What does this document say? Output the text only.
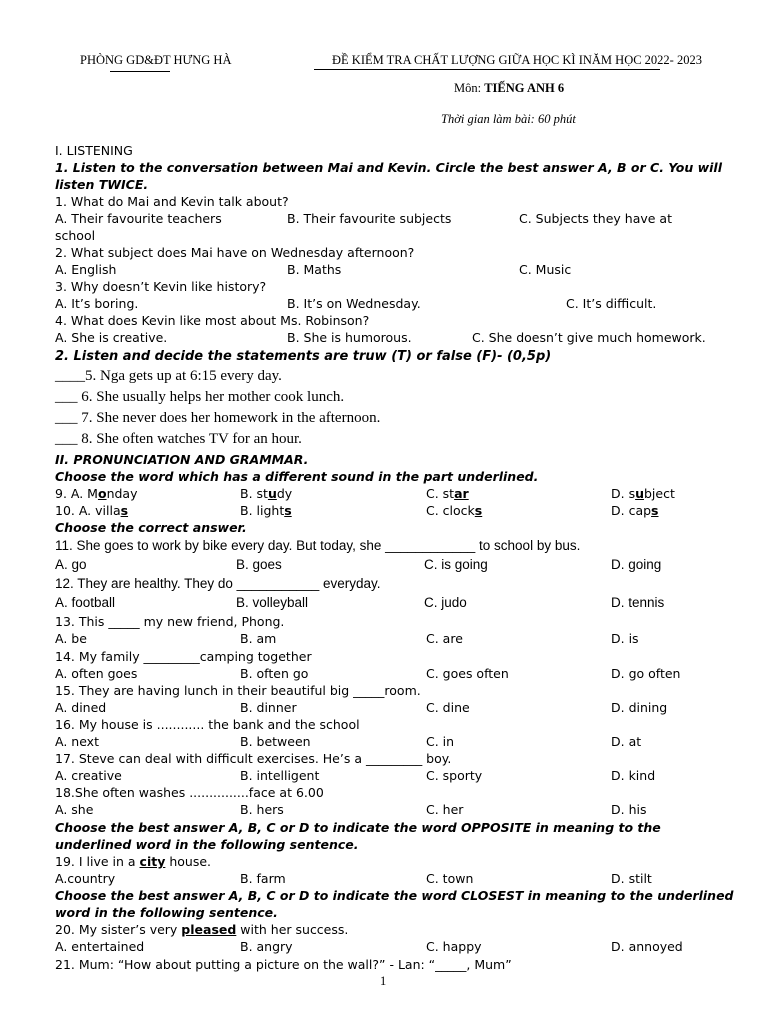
PHÒNG GD&ĐT HƯNG HÀ	ĐỀ KIỂM TRA CHẤT LƯỢNG GIỮA HỌC KÌ INĂM HỌC 2022- 2023
Môn: TIẾNG ANH 6
Thời gian làm bài: 60 phút
I. LISTENING
1. Listen to the conversation between Mai and Kevin. Circle the best answer A, B or C. You will
listen TWICE.
1. What do Mai and Kevin talk about?
A. Their favourite teachers	B. Their favourite subjects	C. Subjects they have at
school
2. What subject does Mai have on Wednesday afternoon?
A. English	B. Maths	C. Music
3. Why doesn’t Kevin like history?
A. It’s boring.	B. It’s on Wednesday.	C. It’s difficult.
4. What does Kevin like most about Ms. Robinson?
A. She is creative.	B. She is humorous.	C. She doesn’t give much homework.
2. Listen and decide the statements are truw (T) or false (F)- (0,5p)
____5. Nga gets up at 6:15 every day.
___ 6. She usually helps her mother cook lunch.
___ 7. She never does her homework in the afternoon.
___ 8. She often watches TV for an hour.
II. PRONUNCIATION AND GRAMMAR.
Choose the word which has a different sound in the part underlined.
9. A. Monday	B. study	C. star	D. subject
10. A. villas	B. lights	C. clocks	D. caps
Choose the correct answer.
11. She goes to work by bike every day. But today, she ____________ to school by bus.
A. go	B. goes	C. is going	D. going
12. They are healthy. They do ___________ everyday.
A. football	B. volleyball	C. judo	D. tennis
13. This _____ my new friend, Phong.
A. be	B. am	C. are	D. is
14. My family _________camping together
A. often goes	B. often go	C. goes often	D. go often
15. They are having lunch in their beautiful big _____room.
A. dined	B. dinner	C. dine	D. dining
16. My house is ............ the bank and the school
A. next	B. between	C. in	D. at
17. Steve can deal with difficult exercises. He’s a _________ boy.
A. creative	B. intelligent	C. sporty	D. kind
18.She often washes ...............face at 6.00
A. she	B. hers	C. her	D. his
Choose the best answer A, B, C or D to indicate the word OPPOSITE in meaning to the
underlined word in the following sentence.
19. I live in a city house.
A.country	B. farm	C. town	D. stilt
Choose the best answer A, B, C or D to indicate the word CLOSEST in meaning to the underlined
word in the following sentence.
20. My sister’s very pleased with her success.
A. entertained	B. angry	C. happy	D. annoyed
21. Mum: “How about putting a picture on the wall?” - Lan: “_____, Mum”
1
